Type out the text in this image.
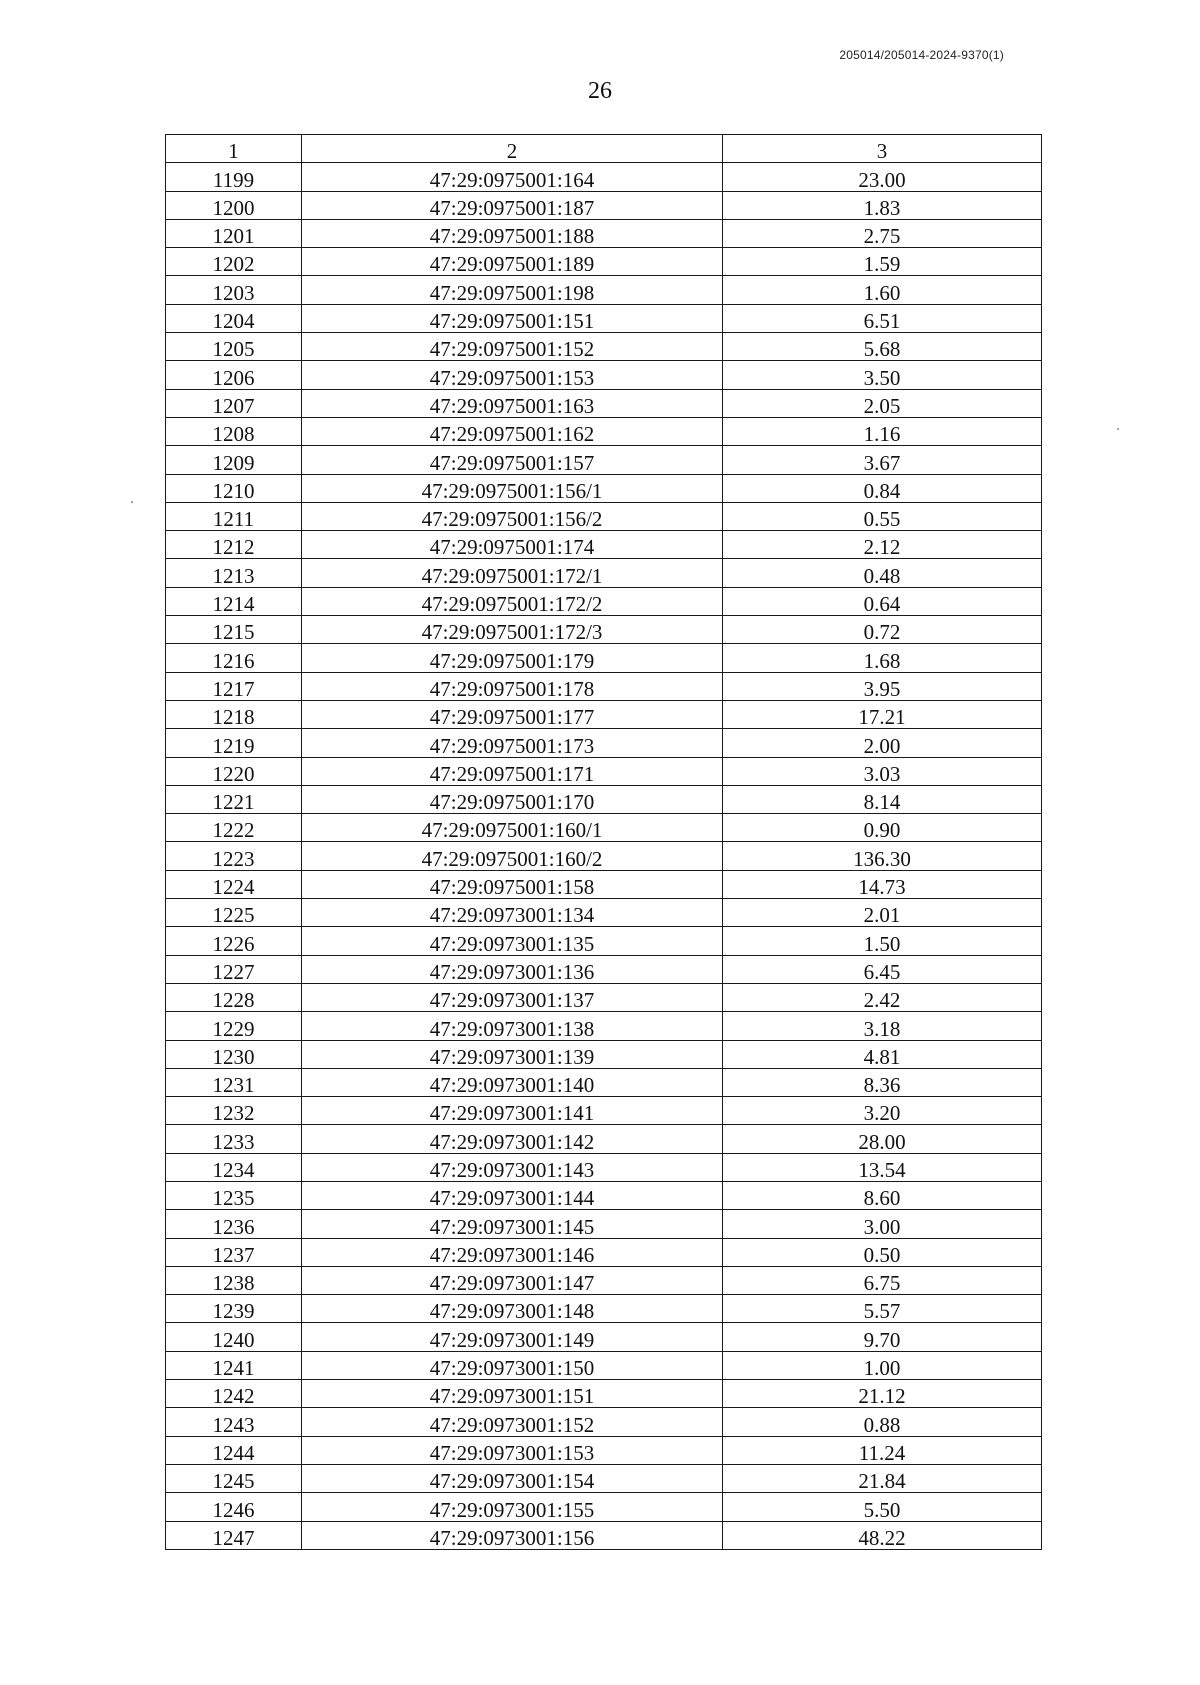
205014/205014-2024-9370(1)
26
1	2	3
1199	47:29:0975001:164	23.00
1200	47:29:0975001:187	1.83
1201	47:29:0975001:188	2.75
1202	47:29:0975001:189	1.59
1203	47:29:0975001:198	1.60
1204	47:29:0975001:151	6.51
1205	47:29:0975001:152	5.68
1206	47:29:0975001:153	3.50
1207	47:29:0975001:163	2.05
1208	47:29:0975001:162	1.16
1209	47:29:0975001:157	3.67
1210	47:29:0975001:156/1	0.84
1211	47:29:0975001:156/2	0.55
1212	47:29:0975001:174	2.12
1213	47:29:0975001:172/1	0.48
1214	47:29:0975001:172/2	0.64
1215	47:29:0975001:172/3	0.72
1216	47:29:0975001:179	1.68
1217	47:29:0975001:178	3.95
1218	47:29:0975001:177	17.21
1219	47:29:0975001:173	2.00
1220	47:29:0975001:171	3.03
1221	47:29:0975001:170	8.14
1222	47:29:0975001:160/1	0.90
1223	47:29:0975001:160/2	136.30
1224	47:29:0975001:158	14.73
1225	47:29:0973001:134	2.01
1226	47:29:0973001:135	1.50
1227	47:29:0973001:136	6.45
1228	47:29:0973001:137	2.42
1229	47:29:0973001:138	3.18
1230	47:29:0973001:139	4.81
1231	47:29:0973001:140	8.36
1232	47:29:0973001:141	3.20
1233	47:29:0973001:142	28.00
1234	47:29:0973001:143	13.54
1235	47:29:0973001:144	8.60
1236	47:29:0973001:145	3.00
1237	47:29:0973001:146	0.50
1238	47:29:0973001:147	6.75
1239	47:29:0973001:148	5.57
1240	47:29:0973001:149	9.70
1241	47:29:0973001:150	1.00
1242	47:29:0973001:151	21.12
1243	47:29:0973001:152	0.88
1244	47:29:0973001:153	11.24
1245	47:29:0973001:154	21.84
1246	47:29:0973001:155	5.50
1247	47:29:0973001:156	48.22
